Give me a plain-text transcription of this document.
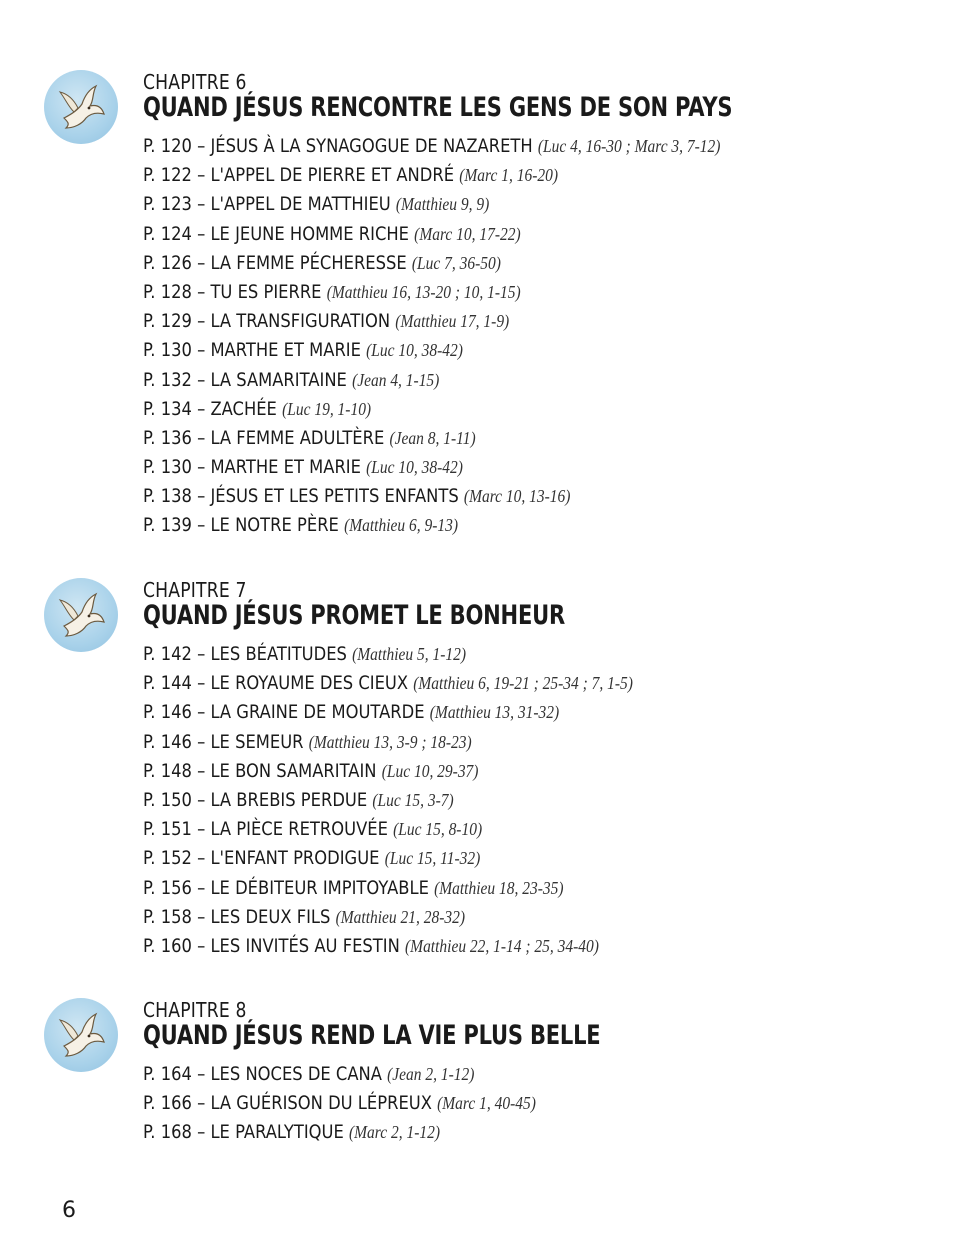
CHAPITRE 6
QUAND JÉSUS RENCONTRE LES GENS DE SON PAYS
P. 120 – JÉSUS À LA SYNAGOGUE DE NAZARETH (Luc 4, 16-30 ; Marc 3, 7-12)
P. 122 – L'APPEL DE PIERRE ET ANDRÉ (Marc 1, 16-20)
P. 123 – L'APPEL DE MATTHIEU (Matthieu 9, 9)
P. 124 – LE JEUNE HOMME RICHE (Marc 10, 17-22)
P. 126 – LA FEMME PÉCHERESSE (Luc 7, 36-50)
P. 128 – TU ES PIERRE (Matthieu 16, 13-20 ; 10, 1-15)
P. 129 – LA TRANSFIGURATION (Matthieu 17, 1-9)
P. 130 – MARTHE ET MARIE (Luc 10, 38-42)
P. 132 – LA SAMARITAINE (Jean 4, 1-15)
P. 134 – ZACHÉE (Luc 19, 1-10)
P. 136 – LA FEMME ADULTÈRE (Jean 8, 1-11)
P. 130 – MARTHE ET MARIE (Luc 10, 38-42)
P. 138 – JÉSUS ET LES PETITS ENFANTS (Marc 10, 13-16)
P. 139 – LE NOTRE PÈRE (Matthieu 6, 9-13)
CHAPITRE 7
QUAND JÉSUS PROMET LE BONHEUR
P. 142 – LES BÉATITUDES (Matthieu 5, 1-12)
P. 144 – LE ROYAUME DES CIEUX (Matthieu 6, 19-21 ; 25-34 ; 7, 1-5)
P. 146 – LA GRAINE DE MOUTARDE (Matthieu 13, 31-32)
P. 146 – LE SEMEUR (Matthieu 13, 3-9 ; 18-23)
P. 148 – LE BON SAMARITAIN (Luc 10, 29-37)
P. 150 – LA BREBIS PERDUE (Luc 15, 3-7)
P. 151 – LA PIÈCE RETROUVÉE (Luc 15, 8-10)
P. 152 – L'ENFANT PRODIGUE (Luc 15, 11-32)
P. 156 – LE DÉBITEUR IMPITOYABLE (Matthieu 18, 23-35)
P. 158 – LES DEUX FILS (Matthieu 21, 28-32)
P. 160 – LES INVITÉS AU FESTIN (Matthieu 22, 1-14 ; 25, 34-40)
CHAPITRE 8
QUAND JÉSUS REND LA VIE PLUS BELLE
P. 164 – LES NOCES DE CANA (Jean 2, 1-12)
P. 166 – LA GUÉRISON DU LÉPREUX (Marc 1, 40-45)
P. 168 – LE PARALYTIQUE (Marc 2, 1-12)
6
